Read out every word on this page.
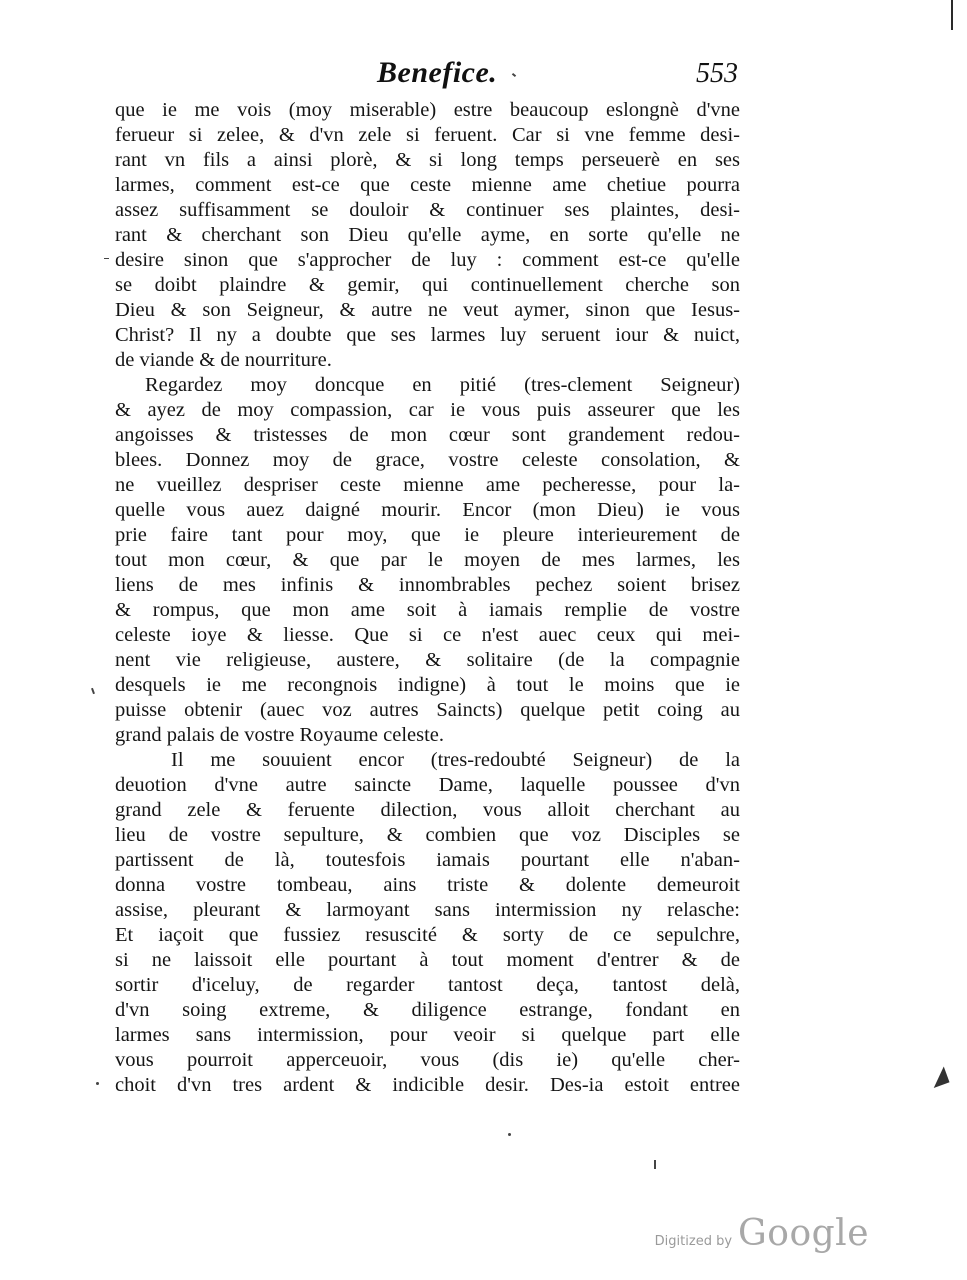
Benefice.	553
que ie me vois (moy miserable) estre beaucoup eslongnè d'vne
ferueur si zelee, & d'vn zele si feruent. Car si vne femme desi-
rant vn fils a ainsi plorè, & si long temps perseuerè en ses
larmes, comment est-ce que ceste mienne ame chetiue pourra
assez suffisamment se douloir & continuer ses plaintes, desi-
rant & cherchant son Dieu qu'elle ayme, en sorte qu'elle ne
desire sinon que s'approcher de luy : comment est-ce qu'elle
se doibt plaindre & gemir, qui continuellement cherche son
Dieu & son Seigneur, & autre ne veut aymer, sinon que Iesus-
Christ? Il ny a doubte que ses larmes luy seruent iour & nuict,
de viande & de nourriture.
Regardez moy doncque en pitié (tres-clement Seigneur)
& ayez de moy compassion, car ie vous puis asseurer que les
angoisses & tristesses de mon cœur sont grandement redou-
blees. Donnez moy de grace, vostre celeste consolation, &
ne vueillez despriser ceste mienne ame pecheresse, pour la-
quelle vous auez daigné mourir. Encor (mon Dieu) ie vous
prie faire tant pour moy, que ie pleure interieurement de
tout mon cœur, & que par le moyen de mes larmes, les
liens de mes infinis & innombrables pechez soient brisez
& rompus, que mon ame soit à iamais remplie de vostre
celeste ioye & liesse. Que si ce n'est auec ceux qui mei-
nent vie religieuse, austere, & solitaire (de la compagnie
desquels ie me recongnois indigne) à tout le moins que ie
puisse obtenir (auec voz autres Saincts) quelque petit coing au
grand palais de vostre Royaume celeste.
Il me souuient encor (tres-redoubté Seigneur) de la
deuotion d'vne autre saincte Dame, laquelle poussee d'vn
grand zele & feruente dilection, vous alloit cherchant au
lieu de vostre sepulture, & combien que voz Disciples se
partissent de là, toutesfois iamais pourtant elle n'aban-
donna vostre tombeau, ains triste & dolente demeuroit
assise, pleurant & larmoyant sans intermission ny relasche:
Et iaçoit que fussiez resuscité & sorty de ce sepulchre,
si ne laissoit elle pourtant à tout moment d'entrer & de
sortir d'iceluy, de regarder tantost deça, tantost delà,
d'vn soing extreme, & diligence estrange, fondant en
larmes sans intermission, pour veoir si quelque part elle
vous pourroit apperceuoir, vous (dis ie) qu'elle cher-
choit d'vn tres ardent & indicible desir. Des-ia estoit entree	◢
Digitized by Google
